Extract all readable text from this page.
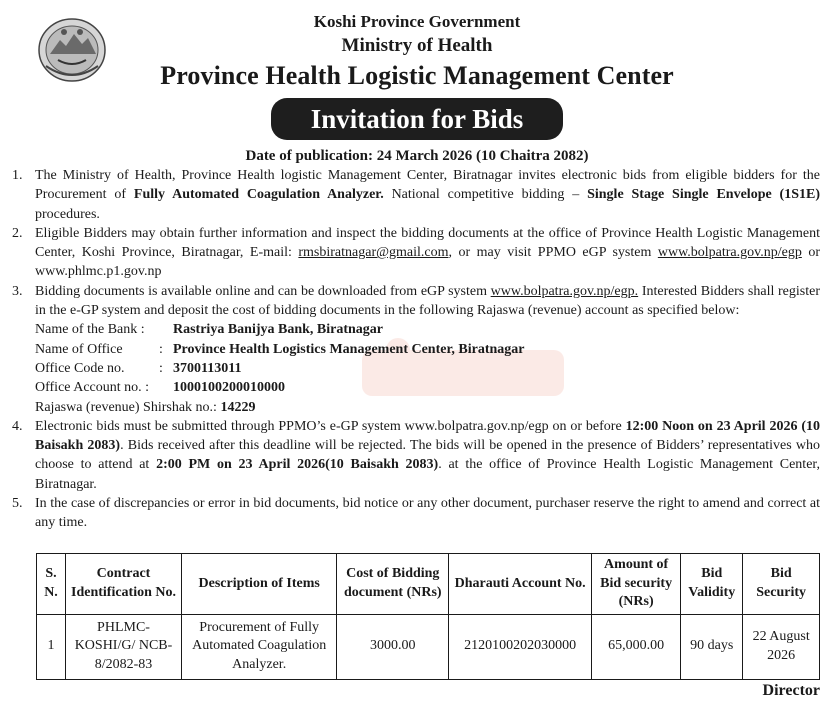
Koshi Province Government
Ministry of Health
Province Health Logistic Management Center
Invitation for Bids
Date of publication: 24 March 2026 (10 Chaitra 2082)
1. The Ministry of Health, Province Health logistic Management Center, Biratnagar invites electronic bids from eligible bidders for the Procurement of Fully Automated Coagulation Analyzer. National competitive bidding – Single Stage Single Envelope (1S1E) procedures.
2. Eligible Bidders may obtain further information and inspect the bidding documents at the office of Province Health Logistic Management Center, Koshi Province, Biratnagar, E-mail: rmsbiratnagar@gmail.com, or may visit PPMO eGP system www.bolpatra.gov.np/egp or www.phlmc.p1.gov.np
3. Bidding documents is available online and can be downloaded from eGP system www.bolpatra.gov.np/egp. Interested Bidders shall register in the e-GP system and deposit the cost of bidding documents in the following Rajaswa (revenue) account as specified below:
Name of the Bank :	Rastriya Banijya Bank, Biratnagar
Name of Office	: Province Health Logistics Management Center, Biratnagar
Office Code no.	: 3700113011
Office Account no. :	1000100200010000
Rajaswa (revenue) Shirshak no.: 14229
4. Electronic bids must be submitted through PPMO’s e-GP system www.bolpatra.gov.np/egp on or before 12:00 Noon on 23 April 2026 (10 Baisakh 2083). Bids received after this deadline will be rejected. The bids will be opened in the presence of Bidders’ representatives who choose to attend at 2:00 PM on 23 April 2026(10 Baisakh 2083). at the office of Province Health Logistic Management Center, Biratnagar.
5. In the case of discrepancies or error in bid documents, bid notice or any other document, purchaser reserve the right to amend and correct at any time.
S. N.	Contract Identification No.	Description of Items	Cost of Bidding document (NRs)	Dharauti Account No.	Amount of Bid security (NRs)	Bid Validity	Bid Security
1	PHLMC-KOSHI/G/ NCB-8/2082-83	Procurement of Fully Automated Coagulation Analyzer.	3000.00	2120100202030000	65,000.00	90 days	22 August 2026
Director
